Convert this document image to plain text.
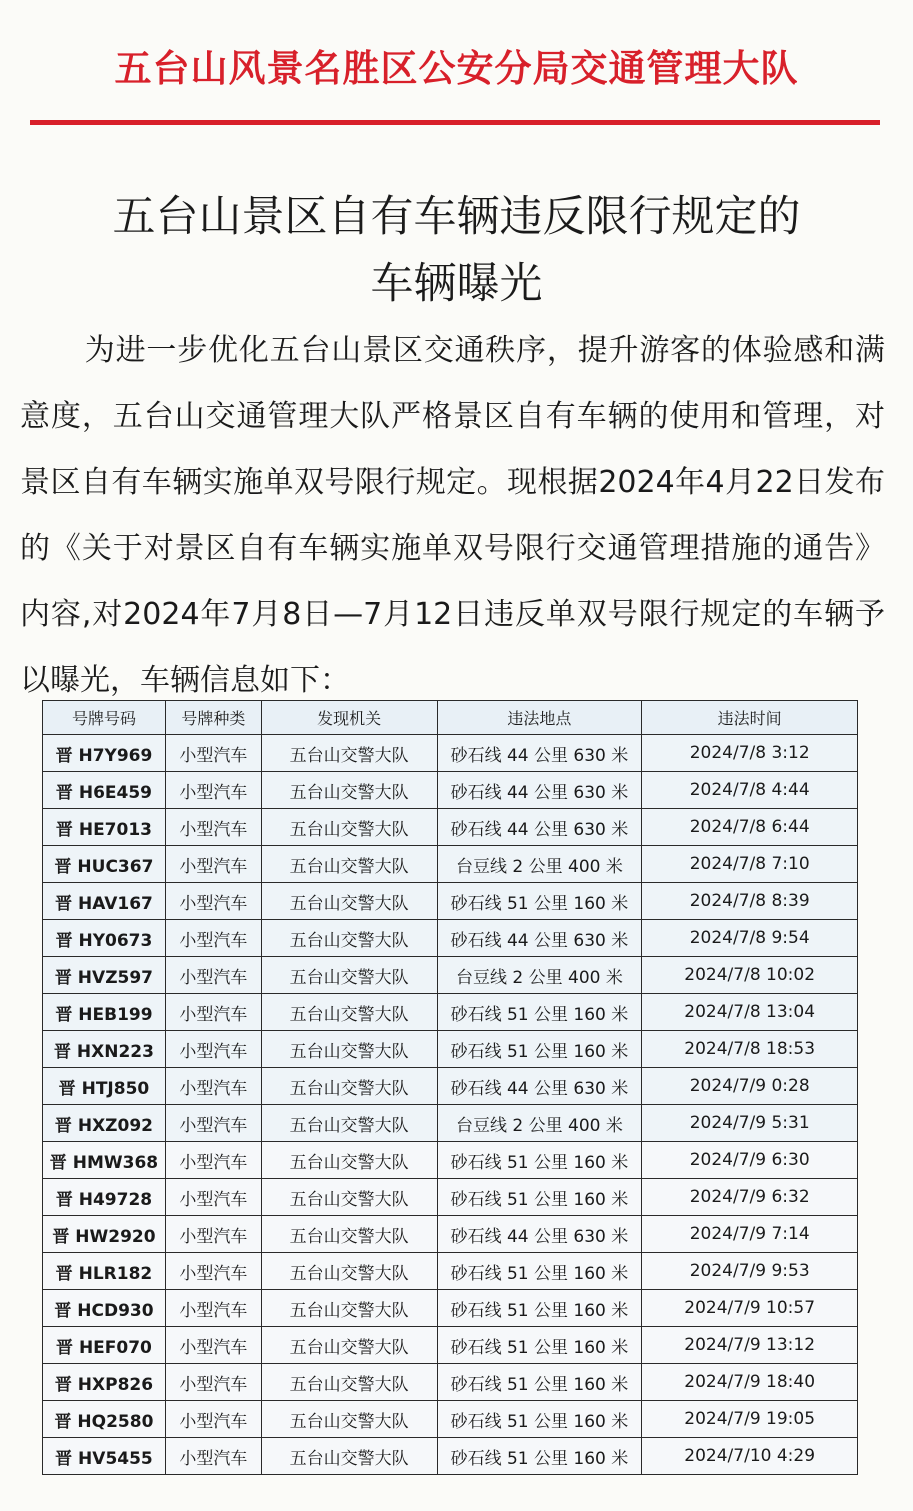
五台山风景名胜区公安分局交通管理大队
五台山景区自有车辆违反限行规定的
车辆曝光
为进一步优化五台山景区交通秩序，提升游客的体验感和满意度，五台山交通管理大队严格景区自有车辆的使用和管理，对景区自有车辆实施单双号限行规定。现根据2024年4月22日发布的《关于对景区自有车辆实施单双号限行交通管理措施的通告》内容,对2024年7月8日—7月12日违反单双号限行规定的车辆予以曝光，车辆信息如下：
号牌号码	号牌种类	发现机关	违法地点	违法时间
晋 H7Y969	小型汽车	五台山交警大队	砂石线 44 公里 630 米	2024/7/8 3:12
晋 H6E459	小型汽车	五台山交警大队	砂石线 44 公里 630 米	2024/7/8 4:44
晋 HE7013	小型汽车	五台山交警大队	砂石线 44 公里 630 米	2024/7/8 6:44
晋 HUC367	小型汽车	五台山交警大队	台豆线 2 公里 400 米	2024/7/8 7:10
晋 HAV167	小型汽车	五台山交警大队	砂石线 51 公里 160 米	2024/7/8 8:39
晋 HY0673	小型汽车	五台山交警大队	砂石线 44 公里 630 米	2024/7/8 9:54
晋 HVZ597	小型汽车	五台山交警大队	台豆线 2 公里 400 米	2024/7/8 10:02
晋 HEB199	小型汽车	五台山交警大队	砂石线 51 公里 160 米	2024/7/8 13:04
晋 HXN223	小型汽车	五台山交警大队	砂石线 51 公里 160 米	2024/7/8 18:53
晋 HTJ850	小型汽车	五台山交警大队	砂石线 44 公里 630 米	2024/7/9 0:28
晋 HXZ092	小型汽车	五台山交警大队	台豆线 2 公里 400 米	2024/7/9 5:31
晋 HMW368	小型汽车	五台山交警大队	砂石线 51 公里 160 米	2024/7/9 6:30
晋 H49728	小型汽车	五台山交警大队	砂石线 51 公里 160 米	2024/7/9 6:32
晋 HW2920	小型汽车	五台山交警大队	砂石线 44 公里 630 米	2024/7/9 7:14
晋 HLR182	小型汽车	五台山交警大队	砂石线 51 公里 160 米	2024/7/9 9:53
晋 HCD930	小型汽车	五台山交警大队	砂石线 51 公里 160 米	2024/7/9 10:57
晋 HEF070	小型汽车	五台山交警大队	砂石线 51 公里 160 米	2024/7/9 13:12
晋 HXP826	小型汽车	五台山交警大队	砂石线 51 公里 160 米	2024/7/9 18:40
晋 HQ2580	小型汽车	五台山交警大队	砂石线 51 公里 160 米	2024/7/9 19:05
晋 HV5455	小型汽车	五台山交警大队	砂石线 51 公里 160 米	2024/7/10 4:29
